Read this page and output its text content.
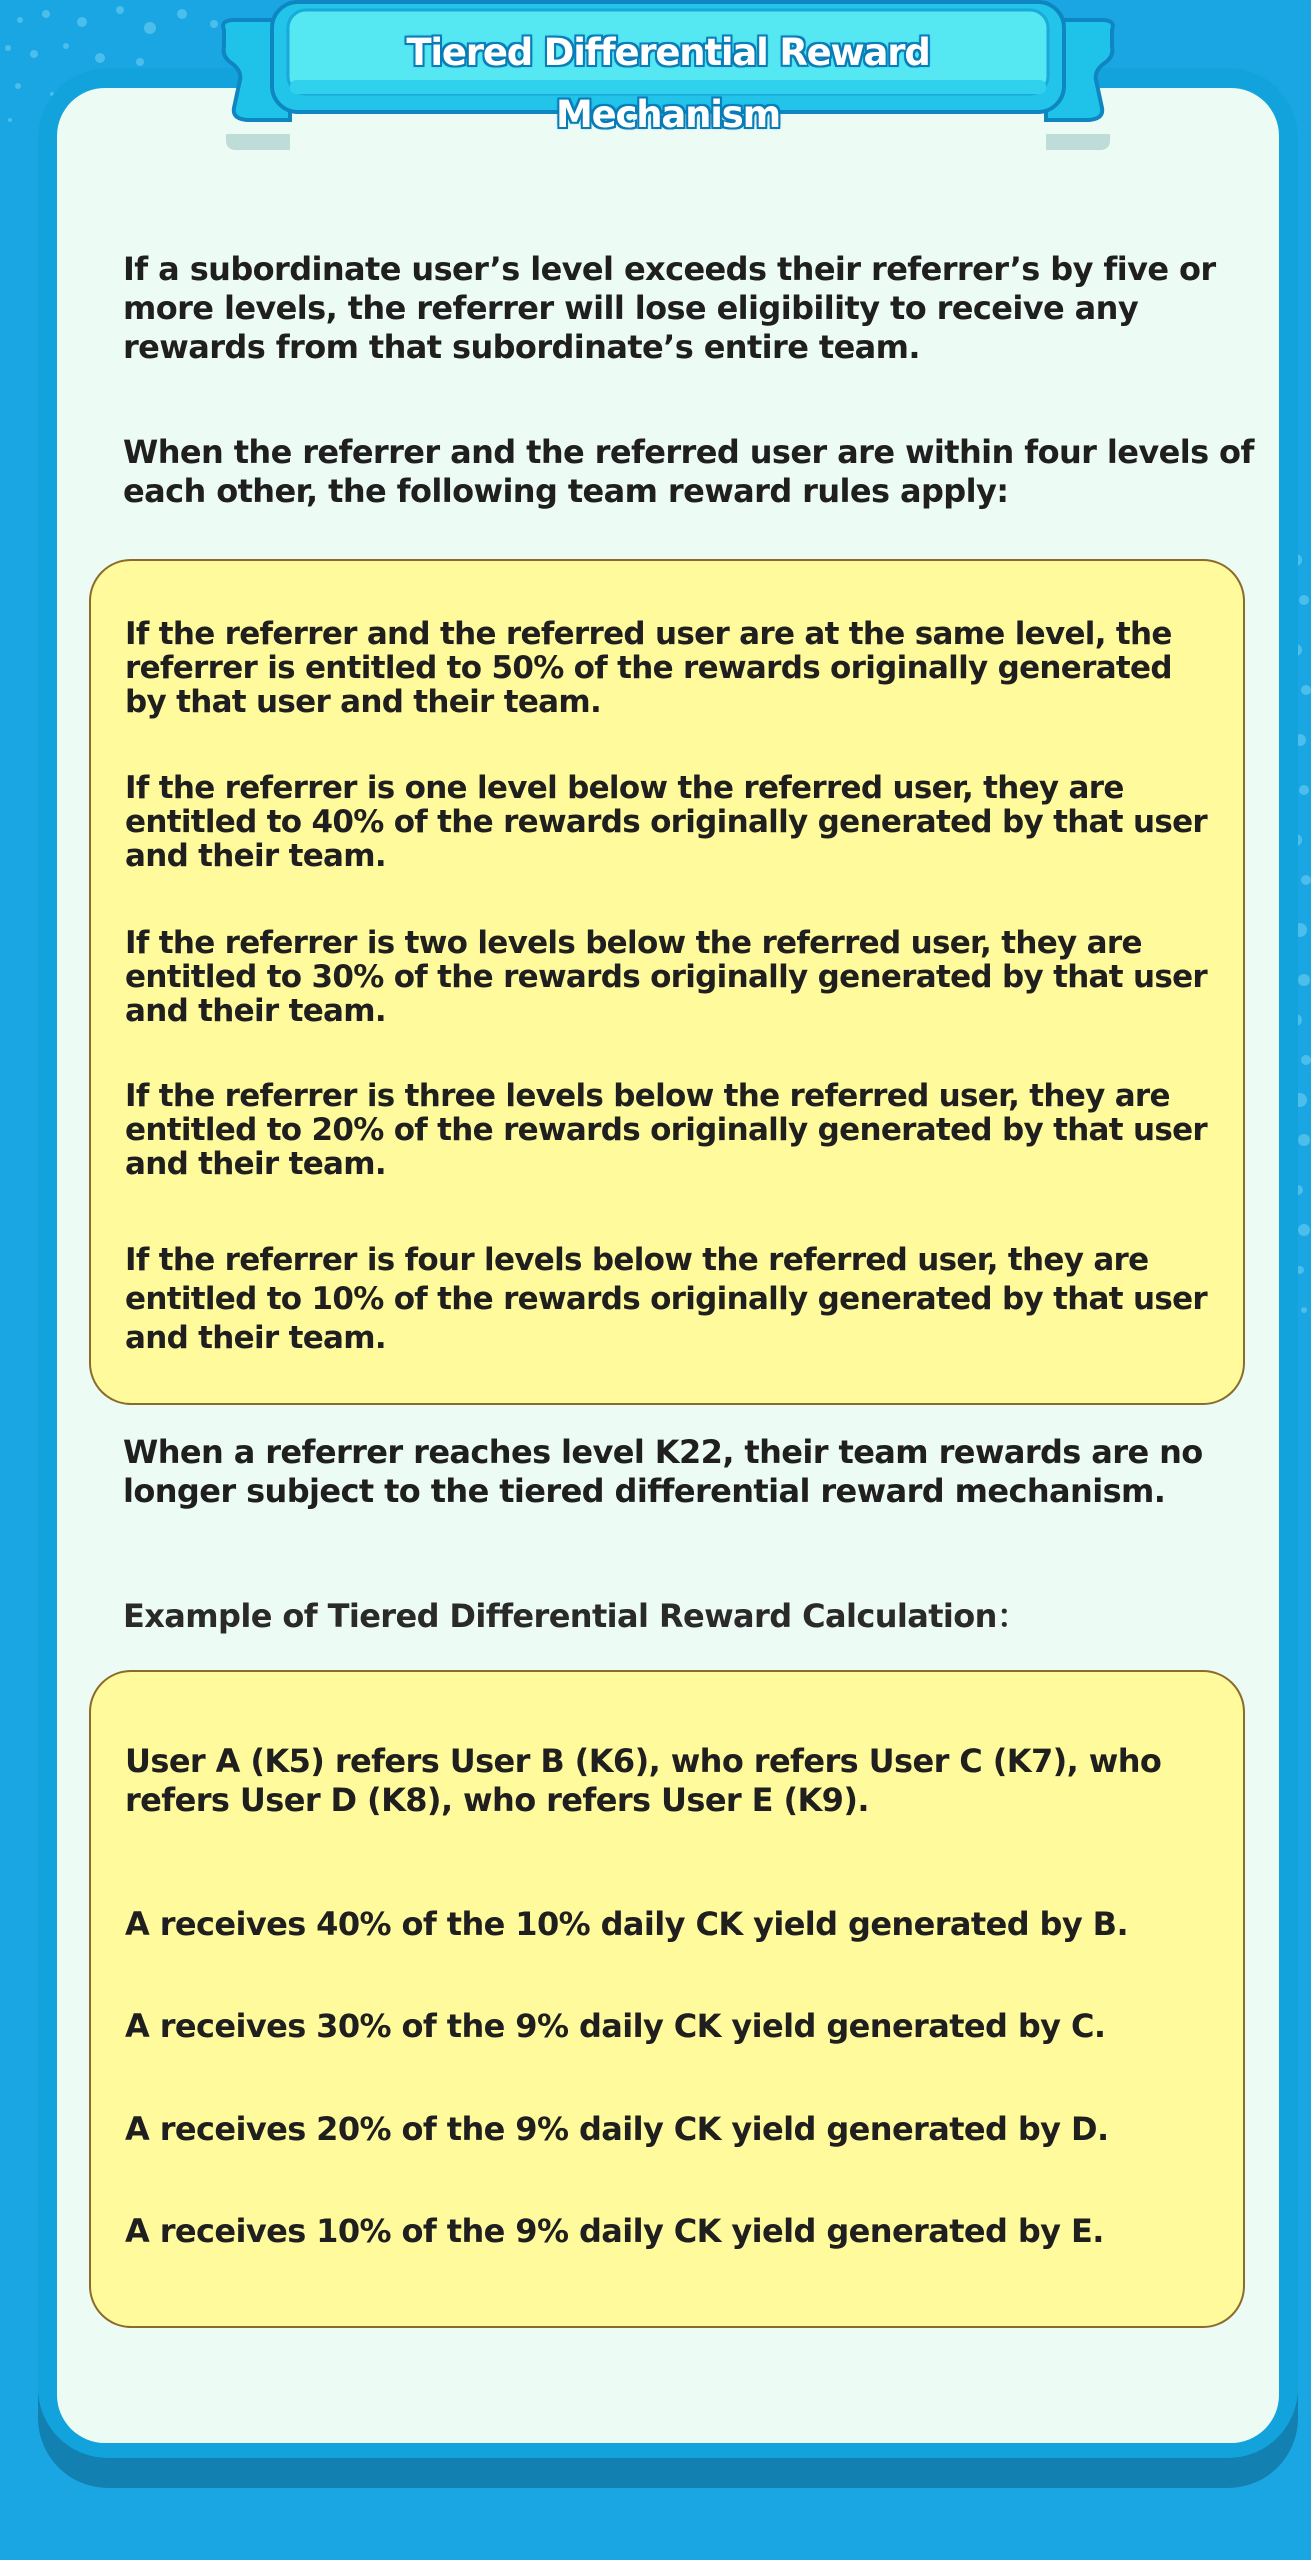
Tiered Differential Reward Mechanism

If a subordinate user’s level exceeds their referrer’s by five or more levels, the referrer will lose eligibility to receive any rewards from that subordinate’s entire team.

When the referrer and the referred user are within four levels of each other, the following team reward rules apply:

If the referrer and the referred user are at the same level, the referrer is entitled to 50% of the rewards originally generated by that user and their team.

If the referrer is one level below the referred user, they are entitled to 40% of the rewards originally generated by that user and their team.

If the referrer is two levels below the referred user, they are entitled to 30% of the rewards originally generated by that user and their team.

If the referrer is three levels below the referred user, they are entitled to 20% of the rewards originally generated by that user and their team.

If the referrer is four levels below the referred user, they are entitled to 10% of the rewards originally generated by that user and their team.

When a referrer reaches level K22, their team rewards are no longer subject to the tiered differential reward mechanism.

Example of Tiered Differential Reward Calculation：

User A (K5) refers User B (K6), who refers User C (K7), who refers User D (K8), who refers User E (K9).

A receives 40% of the 10% daily CK yield generated by B.

A receives 30% of the 9% daily CK yield generated by C.

A receives 20% of the 9% daily CK yield generated by D.

A receives 10% of the 9% daily CK yield generated by E.
